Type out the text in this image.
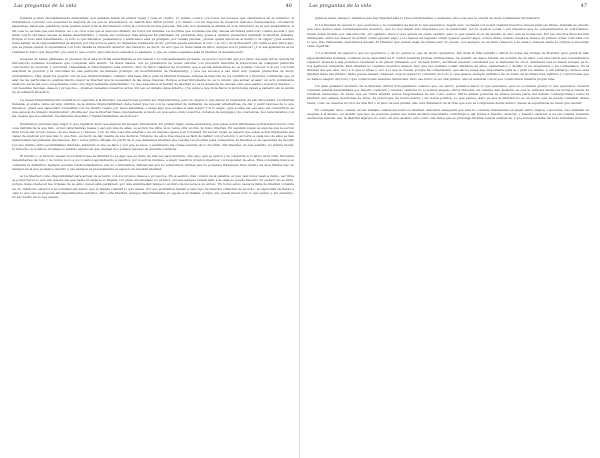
Las preguntas de la vida	46

hubiera podido razonablemente determinar qué galaxias había en primer lugar y cuál en cuarto. Lo mismo ocurre con todos los sucesos que observamos en el universo: si hubiéramos conocido con exactitud la mayoría de los que le precedieron, no habría sido difícil prever, y lo mismo con los mejores de nuestros métodos (temperatura, circulación sanguínea, fisiología, genética) sería posible tener toda la información sobre la conducta de una persona. Tan solo nos quedaría el dilema de si la «libertad» de la que presumimos, si tal cosa no es más que una ilusión, es o no otra cosa que el desconocimiento de todos los detalles. La doctrina que sostiene que hay causas eficientes para todo cuanto sucede y que nada ocurre sin tales causas se llama determinismo, y desde sus versiones más antiguas ha planteado un problema muy grave a quienes pretenden defender la libertad humana. Porque si todo está determinado, si todo lo que haremos, pensaremos o sentiremos está ya prefijado por causas previas, ¿dónde queda entonces el mérito o la culpa? ¿Qué sentido tiene hablar de la responsabilidad de alguien por sus actos si estos no dependen realmente de él? ¿Dónde queda entonces el «sí» o el «no» de la libertad? ¿No sería el acto libre algo que se puede prever si supiéramos con todo detalle la situación anterior del universo, es decir, un acto que no tiene nada de libre, aunque nos lo parezca? ¿Y si esa apariencia es en realidad lo único que importa? ¿No será lo que ocurre que todavía no sabemos lo bastante, y que en cuanto sepamos más la libertad se desvanecerá?

Después de haber planteado la cuestión de si esta doctrina determinista se encuentra o no suficientemente probada, es preciso recordar que a lo largo del siglo XX la ciencia ha introducido notables novedades que complican este asunto. La física clásica, con su pretensión de poder calcular con precisión absoluta la trayectoria de cualquier partícula conociendo su posición y velocidad, respaldaba el determinismo más estricto. Pero la física cuántica ha mostrado que a escala subatómica no es posible conocer a la vez con total exactitud la posición y la velocidad de una partícula (el llamado principio de incertidumbre de Heisenberg), y que los sucesos a ese nivel solo pueden predecirse de modo probabilístico. Hay quien ha querido ver en ese indeterminismo cuántico una base física para la libertad humana, aunque la mayoría de los científicos y filósofos consideran que el azar de las partículas no explica mucho mejor la libertad que la necesidad de las leyes clásicas. Porque actuar libremente no es lo mismo que actuar al azar: un acto puramente aleatorio sería tan poco responsable como uno rigurosamente determinado. Lo que buscamos al hablar de libertad no es la ausencia de causas, sino que seamos nosotros mismos —con nuestras razones, deseos y proyectos— quienes causemos nuestros actos. Por eso el debate sigue abierto, y no parece que ni la física ni la biología vayan a zanjarlo sin la ayuda de la reflexión filosófica.

La nueva indeterminación científica no equivale a la libertad: los electrones pueden ser impredecibles, pero no eligen lo que hacen ni responden de ello ante nadie. La libertad humana, si existe, debe ser algo distinto de la simple imprevisibilidad: debe tener que ver con la capacidad de deliberar, de sopesar alternativas, de dar y pedir razones de lo que hacemos. ¿Será esa capacidad compatible con un mundo regido por leyes naturales, o exige algo que escape a esas leyes? Y si lo exige, ¿qué podría ser ese algo sin convertirse en una especie de milagro inexplicable? ¿Podría ser que la libertad fuese precisamente el modo en que seres como nosotros, dotados de lenguaje y de conciencia, nos relacionamos con las causas que nos afectan, haciéndolas nuestras y transformándolas en motivos?

Intentemos precisar algo mejor lo que significa decir que alguien ha actuado libremente. En primer lugar, suele entenderse que quien actúa libremente podría haber hecho otra cosa distinta de la que hizo: si tuvo alternativas reales y escogió una de ellas, su acción fue libre; si no tenía otra opción, no hubo libertad. En segundo lugar, se supone que la acción libre brota del propio sujeto, de sus deseos y razones, y no de una coacción externa o de un impulso ajeno a su voluntad. En tercer lugar, se espera que quien actúa libremente sea capaz de explicar por qué hizo lo que hizo, es decir, de dar cuenta de sus motivos. Ninguno de estos tres rasgos es fácil de definir con precisión, y en torno a cada uno de ellos se han desarrollado larguísimas discusiones. Pero todos juntos dibujan un perfil de lo que llamamos libertad que resulta reconocible para cualquiera: la libertad es la capacidad de decidir por uno mismo entre posibilidades diversas, sabiendo lo que se hace y por qué se hace, y asumiendo las consecuencias de lo decidido. Sin libertad, en este sentido, no habría moral, ni derecho, ni política, ni tampoco sentido alguno en que alguien nos pidiera razones de nuestra conducta.

El literato o el filósofo suelen recordarnos que la libertad no es algo que se tiene de una vez para siempre, sino algo que se ejerce y se conquista a lo largo de la vida. Nacemos dependientes de todo y de todos; poco a poco vamos aprendiendo a valernos por nosotros mismos, a elegir nuestros propios objetivos y a responder de ellos. Esta conquista nunca es completa ni definitiva: siempre quedan condicionamientos que no controlamos, influencias que no advertimos, límites que no podemos franquear. Pero dentro de esos límites hay un margen en el que podemos decidir, y ese margen es precisamente el espacio de nuestra libertad.

a) La libertad como disponibilidad para actuar de acuerdo con los propios deseos o proyectos. En el sentido más común de la palabra, el que casi todos usan a diario, ser libre es poder hacer lo que uno quiere sin que nadie ni nada se lo impida. Un preso encarcelado no es libre, porque aunque quiera salir a la calle no puede hacerlo; un esclavo no es libre, porque debe obedecer las órdenes de su amo; quien está paralizado por una enfermedad tampoco es libre de moverse a su antojo. En todos estos casos la falta de libertad consiste en un obstáculo exterior a la voluntad del sujeto que le impide realizar lo que desea. Por eso podríamos llamar a este tipo de libertad «libertad de acción»: la capacidad de llevar a cabo lo que uno se propone sin impedimentos externos. Pero esta libertad, aunque importantísima, no agota el problema, porque uno puede hacer todo lo que quiere y, sin embargo, no ser dueño de lo que quiere.

Las preguntas de la vida	47

gana de nada, tampoco diríamos que hay libertad ante lo rayos ultravioletas o cualquier otra cosa que le ocurra de modo totalmente involuntario.

b) La libertad de querer lo que queremos y no solamente de hacer lo que queremos. Según esto, no basta con poder realizar nuestros deseos para ser libres: también es preciso que esos deseos sean verdaderamente nuestros, que no nos hayan sido impuestos por la publicidad, por la presión social o por impulsos que no comprendemos ni controlamos. Quien actúa movido por una adicción, por ejemplo, hace lo que quiere en cierto sentido, pero lo que quiere no lo ha elegido él, sino que se le impone. Por eso muchos filósofos han distinguido entre los deseos de primer orden (querer algo) y los deseos de segundo orden (querer querer algo): somos libres cuando nuestros deseos de primer orden coinciden con lo que, tras reflexionar, querríamos desear. El fumador que quiere dejar de fumar pero no puede, por ejemplo, no es libre respecto a su tabaco aunque nadie le obligue a encender cada cigarrillo.

c) La libertad de querer lo que no queremos, y de no querer lo que de hecho queremos. Sin duda la más extraña y difícil de todas las formas de libertad, pero quizá la más específicamente humana. Consiste en la capacidad de ir contra nuestras propias inclinaciones, de resistir un deseo intenso en nombre de un valor o de una razón que consideramos superior. Gracias a ella podemos renunciar a un placer inmediato por un bien futuro, sacrificar nuestra comodidad por el bienestar de otros, mantener una promesa aunque ya no nos apetezca cumplirla. Esta libertad no suprime nuestros deseos, sino que nos permite tomar distancia de ellos, examinarlos y decidir si los aceptamos o los rechazamos. Es la libertad del que dice «no» a lo que le atrae y «sí» a lo que le cuesta, porque ha comprendido que ahí se juega algo importante para él o para los demás. Y, sin embargo, incluso esta libertad tiene sus límites: nadie puede desear cualquier cosa ni querer lo contrario de todo lo que quiere; siempre partimos de un fondo de inclinaciones, hábitos y convicciones que no hemos elegido del todo y que condicionan nuestras decisiones. Pero ese fondo no es una prisión, sino el material con el que construimos nuestra propia vida.

Un gran pensador moderno de la libertad, Arthur Schopenhauer, sostuvo que, en efecto, podemos hacer lo que queremos, pero no podemos querer lo que queremos: nuestra voluntad estaría determinada por nuestro carácter, y nuestro carácter no lo hemos elegido. Otros filósofos, en cambio, han insistido en que el carácter mismo se forma a través de nuestras decisiones, de modo que en cierta medida somos responsables de ser como somos. Entre ambas posturas se mueve buena parte del debate contemporáneo sobre la libertad, que enlaza cuestiones de ética, de psicología, de neurociencia y de teoría política. Lo que parece claro es que la libertad no es un hecho que se pueda constatar desde fuera, como se observa el color de una flor o el peso de una piedra, sino una dimensión de la vida que solo se comprende desde dentro, desde la experiencia de tener que decidir.

En cualquier caso, cuando un ser humano reflexiona sobre su libertad, descubre enseguida que esta no consiste únicamente en elegir entre objetos o acciones, sino también en elegirse a sí mismo, en decidir qué tipo de persona quiere ser. Cada decisión importante contribuye a dar forma a nuestro carácter, y nuestro carácter a su vez orienta nuestras decisiones futuras. Así, la libertad aparece no como un acto aislado, sino como una tarea que se prolonga durante toda la existencia, y que nunca termina del todo mientras vivimos.
